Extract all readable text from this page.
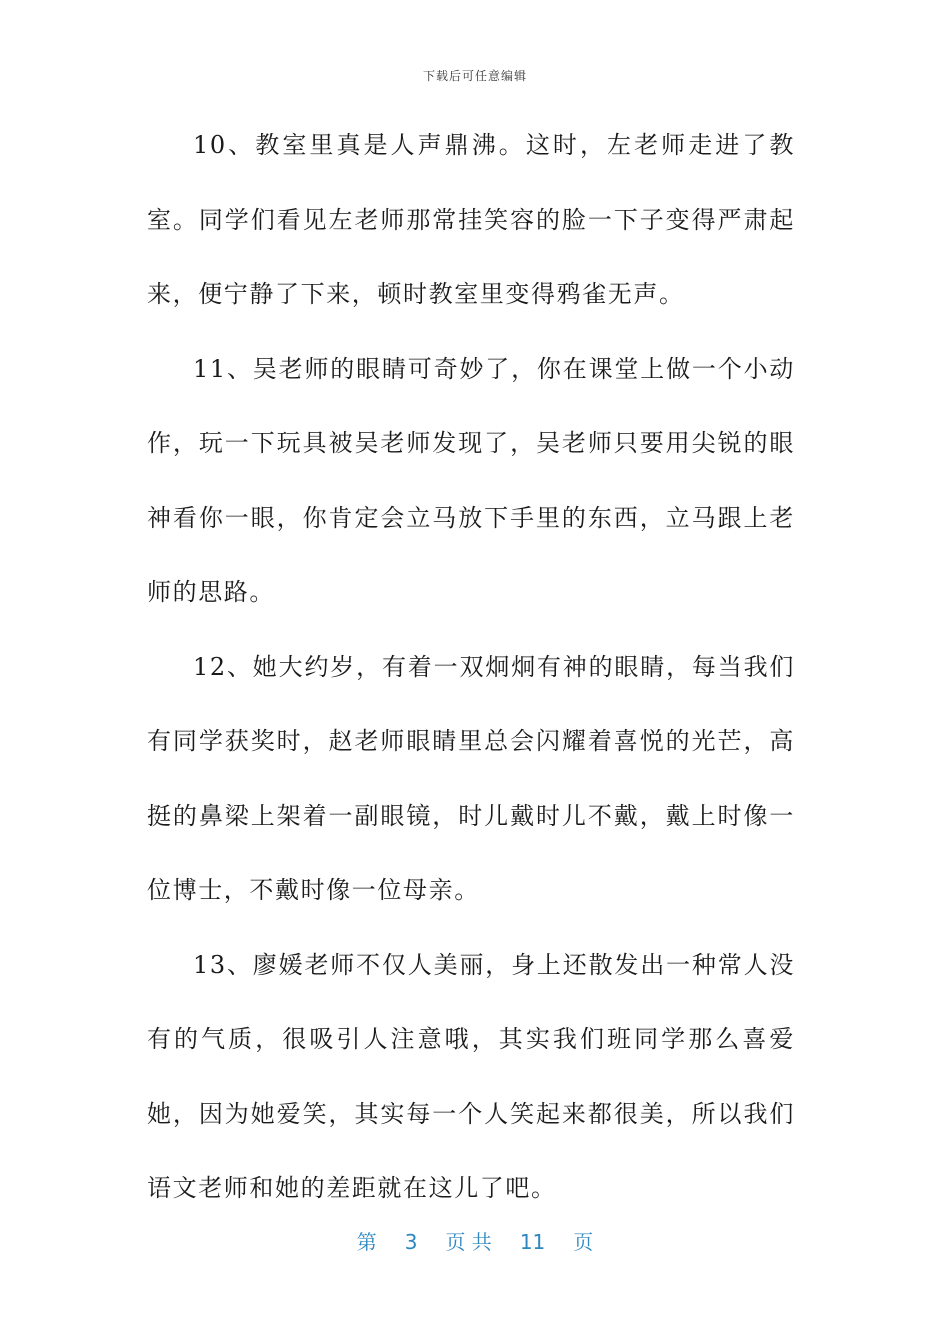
下载后可任意编辑

10、教室里真是人声鼎沸。这时，左老师走进了教室。同学们看见左老师那常挂笑容的脸一下子变得严肃起来，便宁静了下来，顿时教室里变得鸦雀无声。

11、吴老师的眼睛可奇妙了，你在课堂上做一个小动作，玩一下玩具被吴老师发现了，吴老师只要用尖锐的眼神看你一眼，你肯定会立马放下手里的东西，立马跟上老师的思路。

12、她大约岁，有着一双炯炯有神的眼睛，每当我们有同学获奖时，赵老师眼睛里总会闪耀着喜悦的光芒，高挺的鼻梁上架着一副眼镜，时儿戴时儿不戴，戴上时像一位博士，不戴时像一位母亲。

13、廖媛老师不仅人美丽，身上还散发出一种常人没有的气质，很吸引人注意哦，其实我们班同学那么喜爱她，因为她爱笑，其实每一个人笑起来都很美，所以我们语文老师和她的差距就在这儿了吧。

第 3 页 共 11 页
